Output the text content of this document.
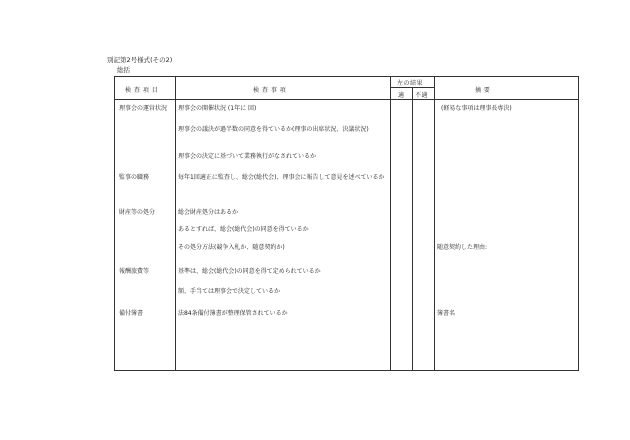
別記第2号様式(その2)
総括
検 査 項 目	検 査 事 項
左の結果
適 不適
摘 要
理事会の運営状況
監事の職務
財産等の処分
報酬旅費等
備付簿書
理事会の開催状況 (1年に 回)
理事会の議決が過半数の同意を得ているか(理事の出席状況、決議状況)
理事会の決定に基づいて業務執行がなされているか
毎年1回適正に監査し、総会(総代会)、理事会に報告して意見を述べているか
総会財産処分はあるか
あるとすれば、総会(総代会)の同意を得ているか
その処分方法(競争入札か、随意契約か)
基準は、総会(総代会)の同意を得て定められているか
額、手当ては理事会で決定しているか
法84条備付簿書が整理保管されているか
(軽易な事項は理事長専決)
随意契約した理由:
簿書名
